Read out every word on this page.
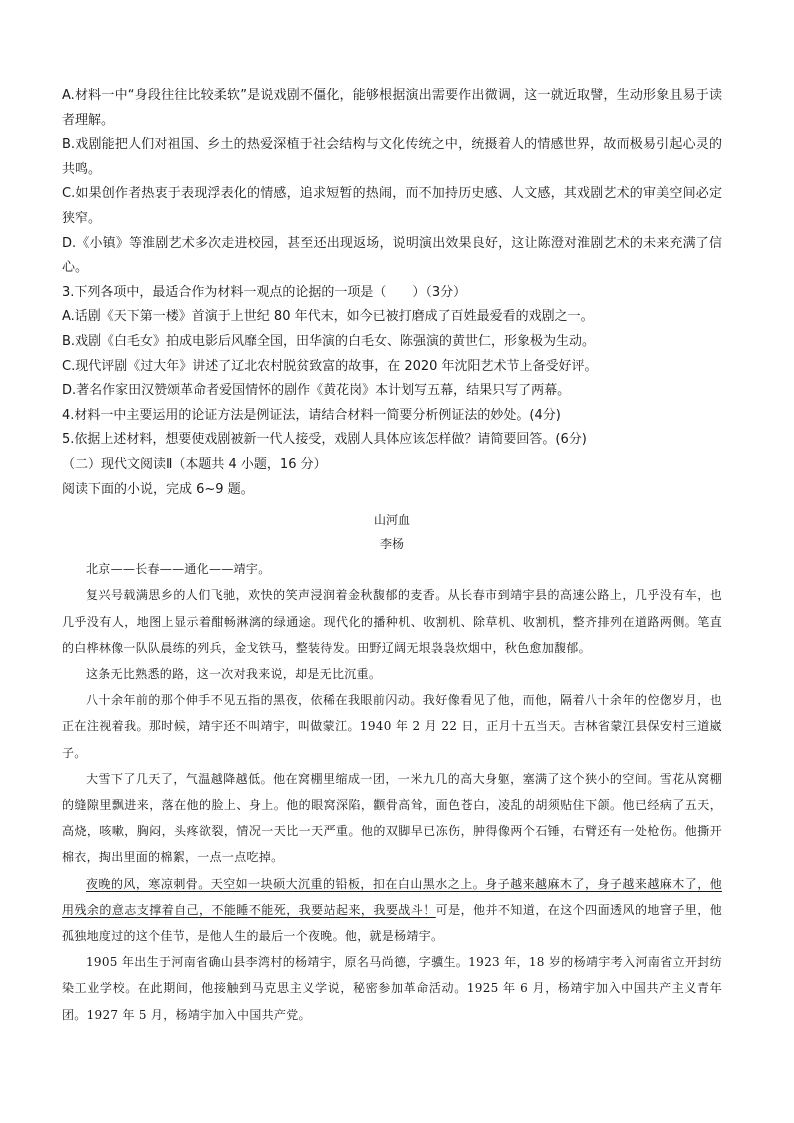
A.材料一中“身段往往比较柔软”是说戏剧不僵化，能够根据演出需要作出微调，这一就近取譬，生动形象且易于读者理解。

B.戏剧能把人们对祖国、乡土的热爱深植于社会结构与文化传统之中，统摄着人的情感世界，故而极易引起心灵的共鸣。

C.如果创作者热衷于表现浮表化的情感，追求短暂的热闹，而不加持历史感、人文感，其戏剧艺术的审美空间必定狭窄。

D.《小镇》等淮剧艺术多次走进校园，甚至还出现返场，说明演出效果良好，这让陈澄对淮剧艺术的未来充满了信心。

3.下列各项中，最适合作为材料一观点的论据的一项是（　　）（3分）

A.话剧《天下第一楼》首演于上世纪 80 年代末，如今已被打磨成了百姓最爱看的戏剧之一。

B.戏剧《白毛女》拍成电影后风靡全国，田华演的白毛女、陈强演的黄世仁，形象极为生动。

C.现代评剧《过大年》讲述了辽北农村脱贫致富的故事，在 2020 年沈阳艺术节上备受好评。

D.著名作家田汉赞颂革命者爱国情怀的剧作《黄花岗》本计划写五幕，结果只写了两幕。

4.材料一中主要运用的论证方法是例证法，请结合材料一简要分析例证法的妙处。(4分)

5.依据上述材料，想要使戏剧被新一代人接受，戏剧人具体应该怎样做？请简要回答。(6分)

（二）现代文阅读Ⅱ（本题共 4 小题，16 分）

阅读下面的小说，完成 6~9 题。

山河血

李杨

北京——长春——通化——靖宇。

复兴号载满思乡的人们飞驰，欢快的笑声浸润着金秋馥郁的麦香。从长春市到靖宇县的高速公路上，几乎没有车，也几乎没有人，地图上显示着酣畅淋漓的绿通途。现代化的播种机、收割机、除草机、收割机，整齐排列在道路两侧。笔直的白桦林像一队队晨练的列兵，金戈铁马，整装待发。田野辽阔无垠袅袅炊烟中，秋色愈加馥郁。

这条无比熟悉的路，这一次对我来说，却是无比沉重。

八十余年前的那个伸手不见五指的黑夜，依稀在我眼前闪动。我好像看见了他，而他，隔着八十余年的倥偬岁月，也正在注视着我。那时候，靖宇还不叫靖宇，叫做蒙江。1940 年 2 月 22 日，正月十五当天。吉林省蒙江县保安村三道崴子。

大雪下了几天了，气温越降越低。他在窝棚里缩成一团，一米九几的高大身躯，塞满了这个狭小的空间。雪花从窝棚的缝隙里飘进来，落在他的脸上、身上。他的眼窝深陷，颧骨高耸，面色苍白，凌乱的胡须贴住下颌。他已经病了五天，高烧，咳嗽，胸闷，头疼欲裂，情况一天比一天严重。他的双脚早已冻伤，肿得像两个石锤，右臂还有一处枪伤。他撕开棉衣，掏出里面的棉絮，一点一点吃掉。

夜晚的风，寒凉刺骨。天空如一块硕大沉重的铅板，扣在白山黑水之上。身子越来越麻木了，身子越来越麻木了，他用残余的意志支撑着自己，不能睡不能死，我要站起来，我要战斗！可是，他并不知道，在这个四面透风的地窨子里，他孤独地度过的这个佳节，是他人生的最后一个夜晚。他，就是杨靖宇。

1905 年出生于河南省确山县李湾村的杨靖宇，原名马尚德，字骥生。1923 年，18 岁的杨靖宇考入河南省立开封纺染工业学校。在此期间，他接触到马克思主义学说，秘密参加革命活动。1925 年 6 月，杨靖宇加入中国共产主义青年团。1927 年 5 月，杨靖宇加入中国共产党。
